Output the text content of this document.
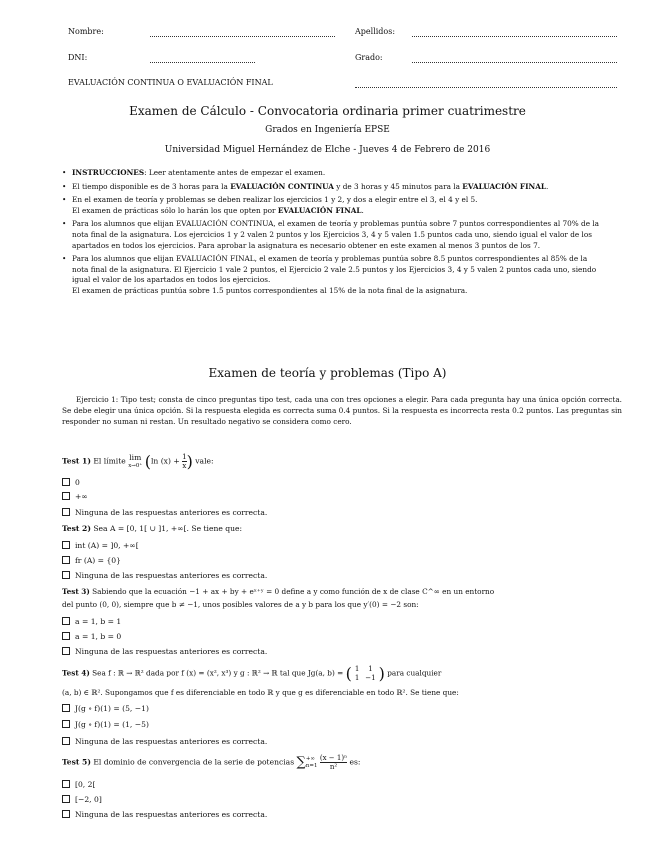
Nombre:	Apellidos:
DNI:	Grado:
EVALUACIÓN CONTINUA O EVALUACIÓN FINAL
Examen de Cálculo - Convocatoria ordinaria primer cuatrimestre
Grados en Ingeniería EPSE
Universidad Miguel Hernández de Elche - Jueves 4 de Febrero de 2016
• INSTRUCCIONES: Leer atentamente antes de empezar el examen.
• El tiempo disponible es de 3 horas para la EVALUACIÓN CONTINUA y de 3 horas y 45 minutos para la EVALUACIÓN FINAL.
• En el examen de teoría y problemas se deben realizar los ejercicios 1 y 2, y dos a elegir entre el 3, el 4 y el 5.
El examen de prácticas sólo lo harán los que opten por EVALUACIÓN FINAL.
• Para los alumnos que elijan EVALUACIÓN CONTINUA, el examen de teoría y problemas puntúa sobre 7 puntos correspondientes al 70% de la nota final de la asignatura. Los ejercicios 1 y 2 valen 2 puntos y los Ejercicios 3, 4 y 5 valen 1.5 puntos cada uno, siendo igual el valor de los apartados en todos los ejercicios. Para aprobar la asignatura es necesario obtener en este examen al menos 3 puntos de los 7.
• Para los alumnos que elijan EVALUACIÓN FINAL, el examen de teoría y problemas puntúa sobre 8.5 puntos correspondientes al 85% de la nota final de la asignatura. El Ejercicio 1 vale 2 puntos, el Ejercicio 2 vale 2.5 puntos y los Ejercicios 3, 4 y 5 valen 2 puntos cada uno, siendo igual el valor de los apartados en todos los ejercicios.
El examen de prácticas puntúa sobre 1.5 puntos correspondientes al 15% de la nota final de la asignatura.
Examen de teoría y problemas (Tipo A)
Ejercicio 1: Tipo test; consta de cinco preguntas tipo test, cada una con tres opciones a elegir. Para cada pregunta hay una única opción correcta. Se debe elegir una única opción. Si la respuesta elegida es correcta suma 0.4 puntos. Si la respuesta es incorrecta resta 0.2 puntos. Las preguntas sin responder no suman ni restan. Un resultado negativo se considera como cero.
Test 1) El límite lim
x→0⁺ (ln $(x) + \frac{1}{x}$ ) vale:
0
+∞
Ninguna de las respuestas anteriores es correcta.
Test 2) Sea A = [0, 1[ ∪ ]1, +∞[. Se tiene que:
int (A) = ]0, +∞[
fr (A) = {0}
Ninguna de las respuestas anteriores es correcta.
Test 3) Sabiendo que la ecuación −1 + ax + by + eˣ⁺ʸ = 0 define a y como función de x de clase C^∞ en un entorno
del punto (0, 0), siempre que b ≠ −1, unos posibles valores de a y b para los que y′(0) = −2 son:
a = 1, b = 1
a = 1, b = 0
Ninguna de las respuestas anteriores es correcta.
Test 4) Sea f : ℝ → ℝ² dada por f (x) = (x², x³) y g : ℝ² → ℝ tal que Jg(a, b) = ( 1	1
1	−1 ) para cualquier
(a, b) ∈ ℝ². Supongamos que f es diferenciable en todo ℝ y que g es diferenciable en todo ℝ². Se tiene que:
J(g ∘ f)(1) = (5, −1)
J(g ∘ f)(1) = (1, −5)
Ninguna de las respuestas anteriores es correcta.
Test 5) El dominio de convergencia de la serie de potencias ∑ +∞
n=1
$\frac{\text{(x − 1)ⁿ}}{\text{n²}}$ es:
[0, 2[
[−2, 0]
Ninguna de las respuestas anteriores es correcta.
